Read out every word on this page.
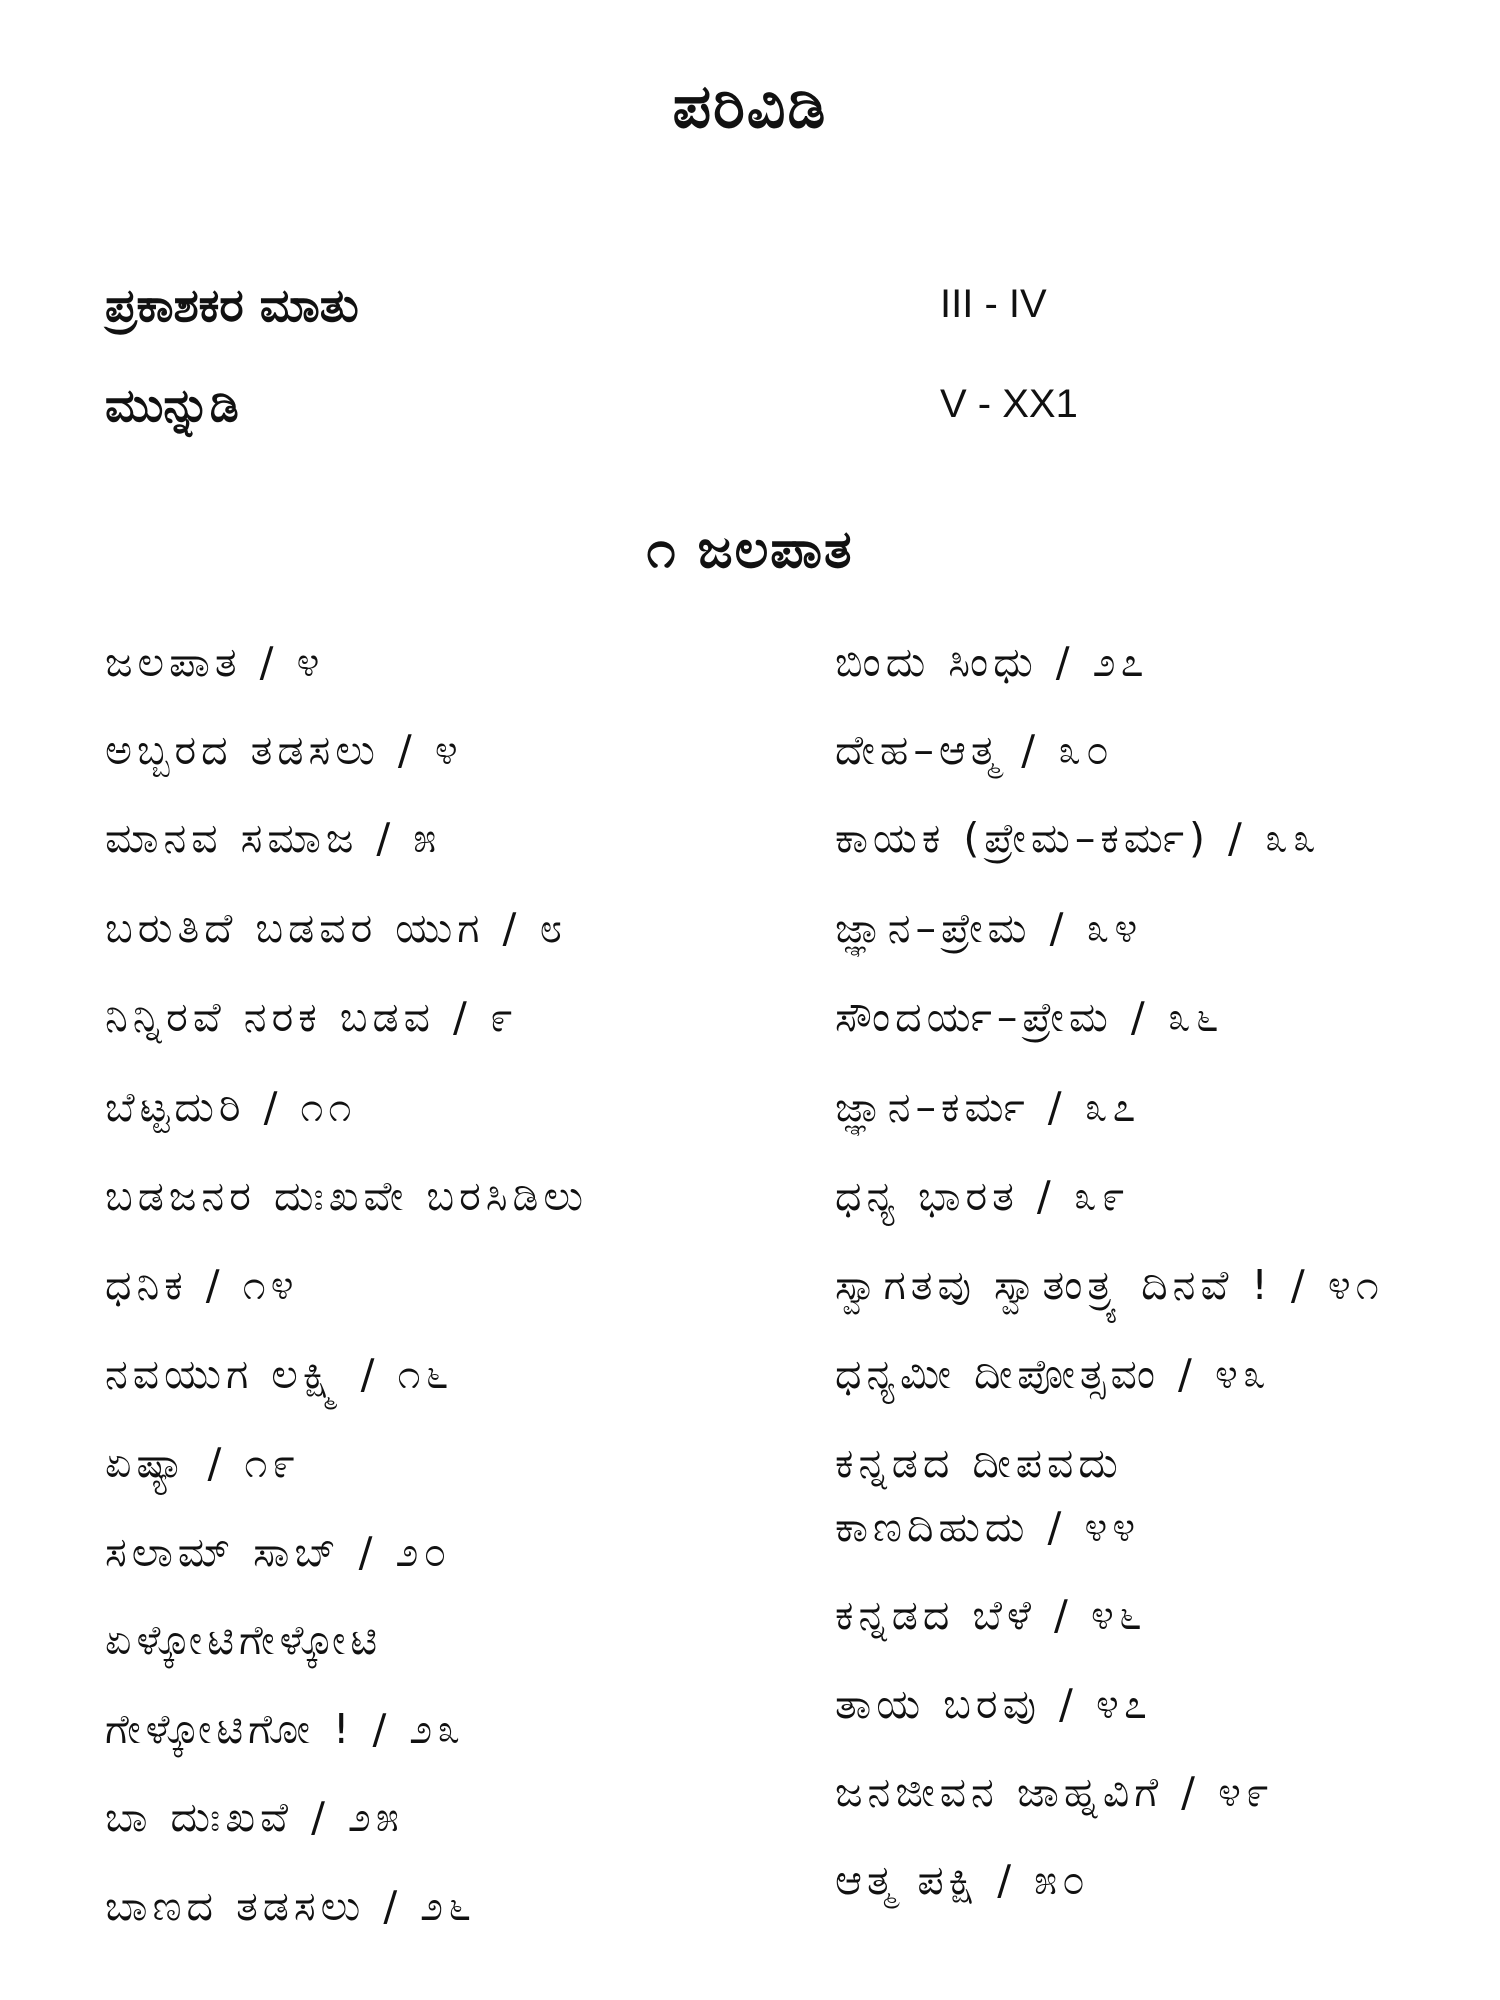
ಪರಿವಿಡಿ
ಪ್ರಕಾಶಕರ ಮಾತು	III - IV
ಮುನ್ನುಡಿ	V - XX1
೧ ಜಲಪಾತ
ಜಲಪಾತ / ೪
ಅಬ್ಬರದ ತಡಸಲು / ೪
ಮಾನವ ಸಮಾಜ / ೫
ಬರುತಿದೆ ಬಡವರ ಯುಗ / ೮
ನಿನ್ನಿರವೆ ನರಕ ಬಡವ / ೯
ಬೆಟ್ಟದುರಿ / ೧೧
ಬಡಜನರ ದುಃಖವೇ ಬರಸಿಡಿಲು
ಧನಿಕ / ೧೪
ನವಯುಗ ಲಕ್ಷ್ಮಿ / ೧೬
ಏಷ್ಯಾ / ೧೯
ಸಲಾಮ್ ಸಾಬ್ / ೨೦
ಏಳ್ಕೋಟಿಗೇಳ್ಕೋಟಿ
ಗೇಳ್ಕೋಟಿಗೋ ! / ೨೩
ಬಾ ದುಃಖವೆ / ೨೫
ಬಾಣದ ತಡಸಲು / ೨೬
ಬಿಂದು ಸಿಂಧು / ೨೭
ದೇಹ–ಆತ್ಮ / ೩೦
ಕಾಯಕ (ಪ್ರೇಮ–ಕರ್ಮ) / ೩೩
ಜ್ಞಾನ–ಪ್ರೇಮ / ೩೪
ಸೌಂದರ್ಯ–ಪ್ರೇಮ / ೩೬
ಜ್ಞಾನ–ಕರ್ಮ / ೩೭
ಧನ್ಯ ಭಾರತ / ೩೯
ಸ್ವಾಗತವು ಸ್ವಾತಂತ್ರ್ಯ ದಿನವೆ ! / ೪೧
ಧನ್ಯಮೀ ದೀಪೋತ್ಸವಂ / ೪೩
ಕನ್ನಡದ ದೀಪವದು
ಕಾಣದಿಹುದು / ೪೪
ಕನ್ನಡದ ಬೆಳೆ / ೪೬
ತಾಯ ಬರವು / ೪೭
ಜನಜೀವನ ಜಾಹ್ನವಿಗೆ / ೪೯
ಆತ್ಮ ಪಕ್ಷಿ / ೫೦
